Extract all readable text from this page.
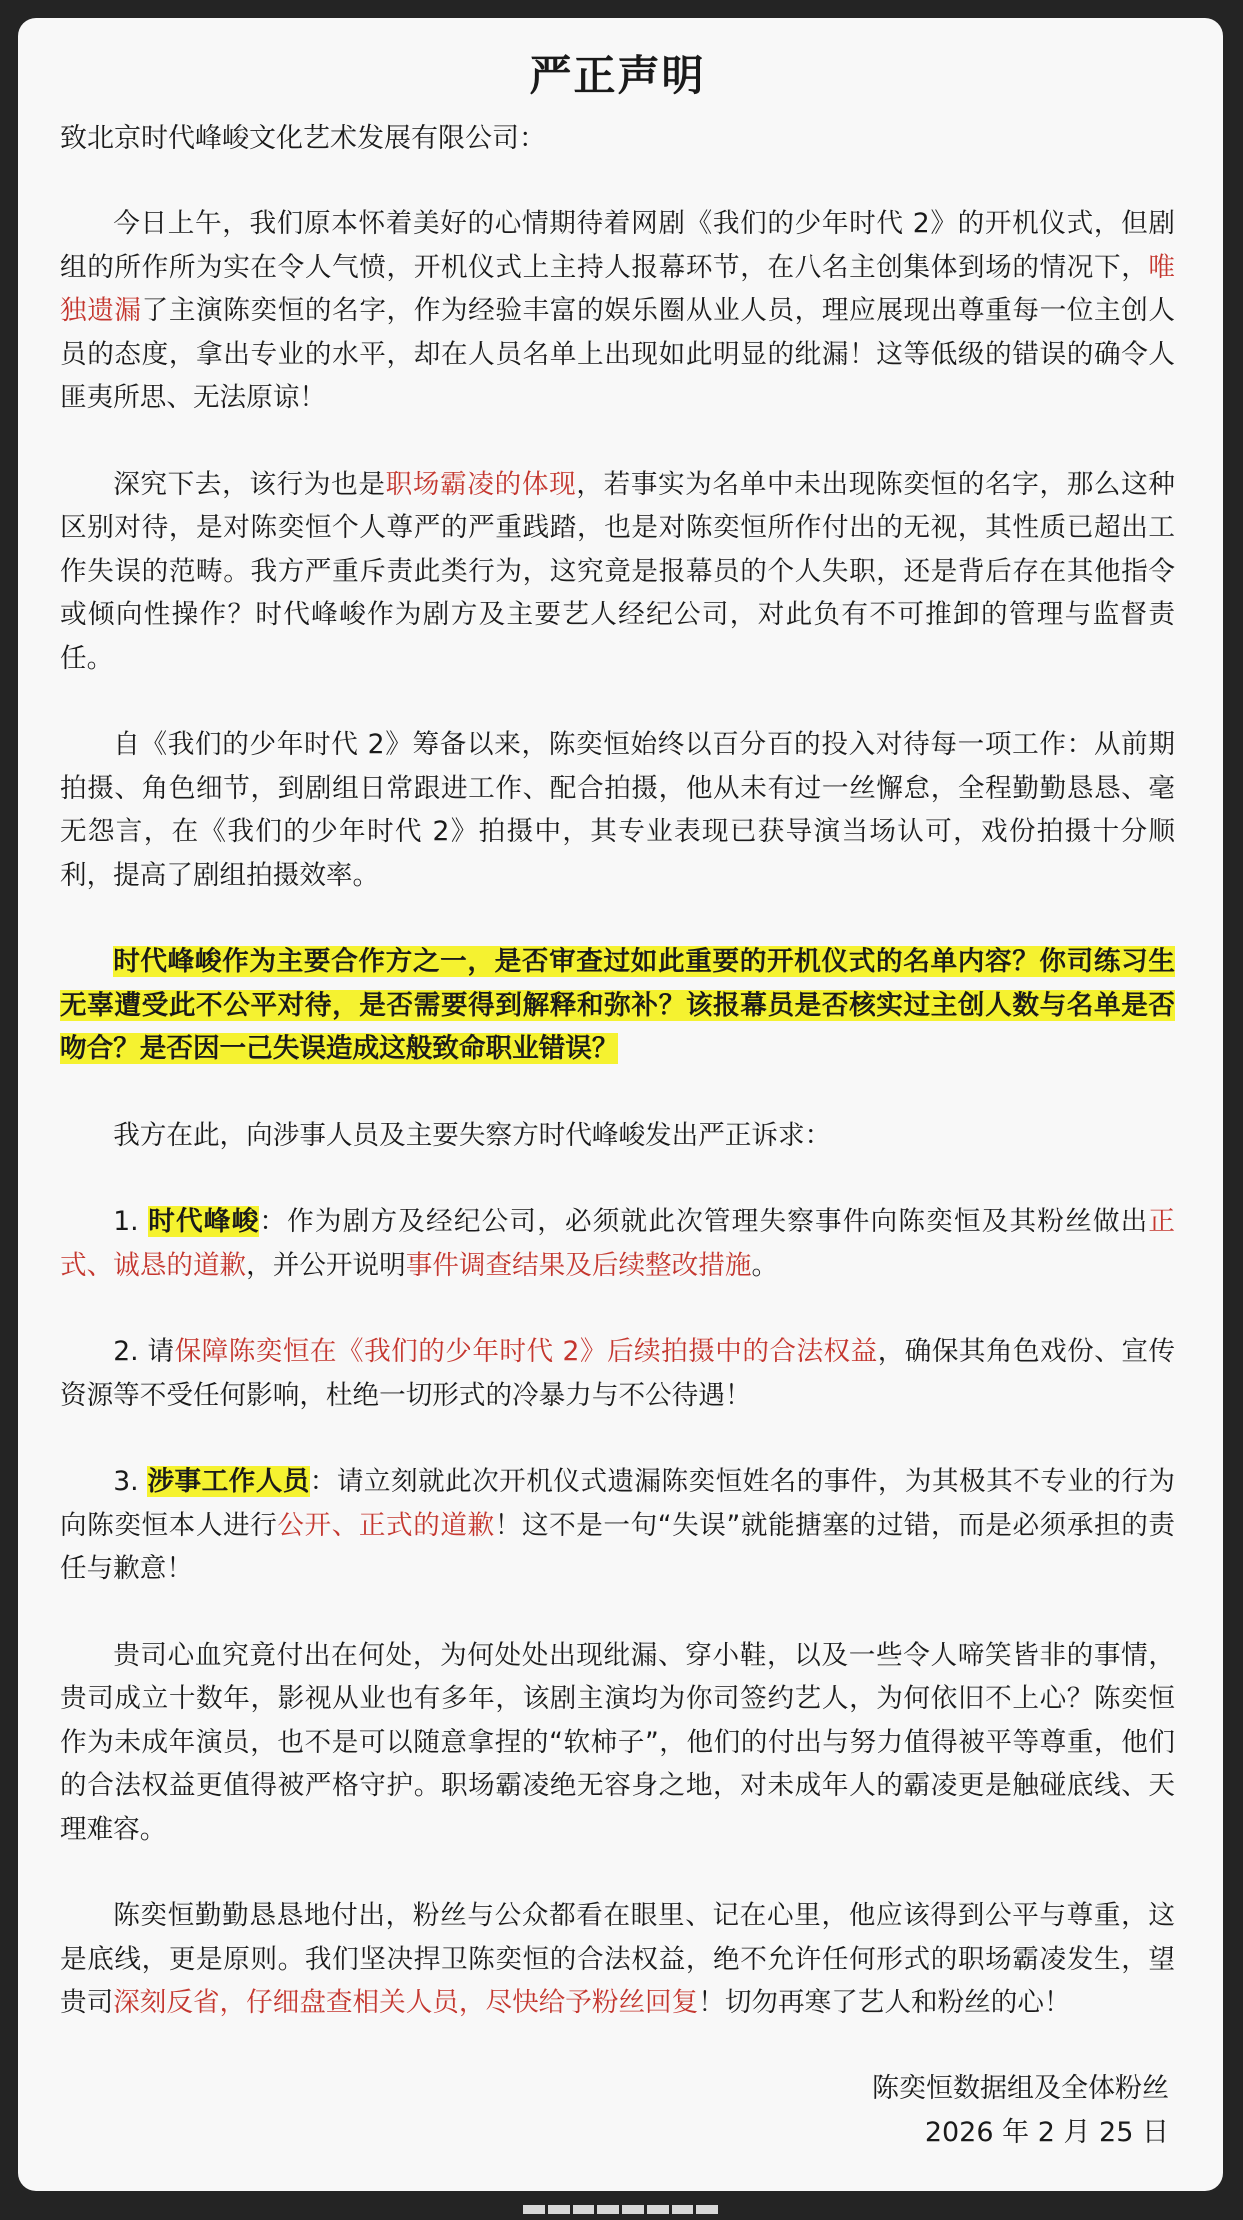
严正声明
致北京时代峰峻文化艺术发展有限公司：

今日上午，我们原本怀着美好的心情期待着网剧《我们的少年时代 2》的开机仪式，但剧组的所作所为实在令人气愤，开机仪式上主持人报幕环节，在八名主创集体到场的情况下，唯独遗漏了主演陈奕恒的名字，作为经验丰富的娱乐圈从业人员，理应展现出尊重每一位主创人员的态度，拿出专业的水平，却在人员名单上出现如此明显的纰漏！这等低级的错误的确令人匪夷所思、无法原谅！

深究下去，该行为也是职场霸凌的体现，若事实为名单中未出现陈奕恒的名字，那么这种区别对待，是对陈奕恒个人尊严的严重践踏，也是对陈奕恒所作付出的无视，其性质已超出工作失误的范畴。我方严重斥责此类行为，这究竟是报幕员的个人失职，还是背后存在其他指令或倾向性操作？时代峰峻作为剧方及主要艺人经纪公司，对此负有不可推卸的管理与监督责任。

自《我们的少年时代 2》筹备以来，陈奕恒始终以百分百的投入对待每一项工作：从前期拍摄、角色细节，到剧组日常跟进工作、配合拍摄，他从未有过一丝懈怠，全程勤勤恳恳、毫无怨言，在《我们的少年时代 2》拍摄中，其专业表现已获导演当场认可，戏份拍摄十分顺利，提高了剧组拍摄效率。

时代峰峻作为主要合作方之一，是否审查过如此重要的开机仪式的名单内容？你司练习生无辜遭受此不公平对待，是否需要得到解释和弥补？该报幕员是否核实过主创人数与名单是否吻合？是否因一己失误造成这般致命职业错误？

我方在此，向涉事人员及主要失察方时代峰峻发出严正诉求：

1. 时代峰峻：作为剧方及经纪公司，必须就此次管理失察事件向陈奕恒及其粉丝做出正式、诚恳的道歉，并公开说明事件调查结果及后续整改措施。

2. 请保障陈奕恒在《我们的少年时代 2》后续拍摄中的合法权益，确保其角色戏份、宣传资源等不受任何影响，杜绝一切形式的冷暴力与不公待遇！

3. 涉事工作人员：请立刻就此次开机仪式遗漏陈奕恒姓名的事件，为其极其不专业的行为向陈奕恒本人进行公开、正式的道歉！这不是一句“失误”就能搪塞的过错，而是必须承担的责任与歉意！

贵司心血究竟付出在何处，为何处处出现纰漏、穿小鞋，以及一些令人啼笑皆非的事情，贵司成立十数年，影视从业也有多年，该剧主演均为你司签约艺人，为何依旧不上心？陈奕恒作为未成年演员，也不是可以随意拿捏的“软柿子”，他们的付出与努力值得被平等尊重，他们的合法权益更值得被严格守护。职场霸凌绝无容身之地，对未成年人的霸凌更是触碰底线、天理难容。

陈奕恒勤勤恳恳地付出，粉丝与公众都看在眼里、记在心里，他应该得到公平与尊重，这是底线，更是原则。我们坚决捍卫陈奕恒的合法权益，绝不允许任何形式的职场霸凌发生，望贵司深刻反省，仔细盘查相关人员，尽快给予粉丝回复！切勿再寒了艺人和粉丝的心！

陈奕恒数据组及全体粉丝
2026 年 2 月 25 日
